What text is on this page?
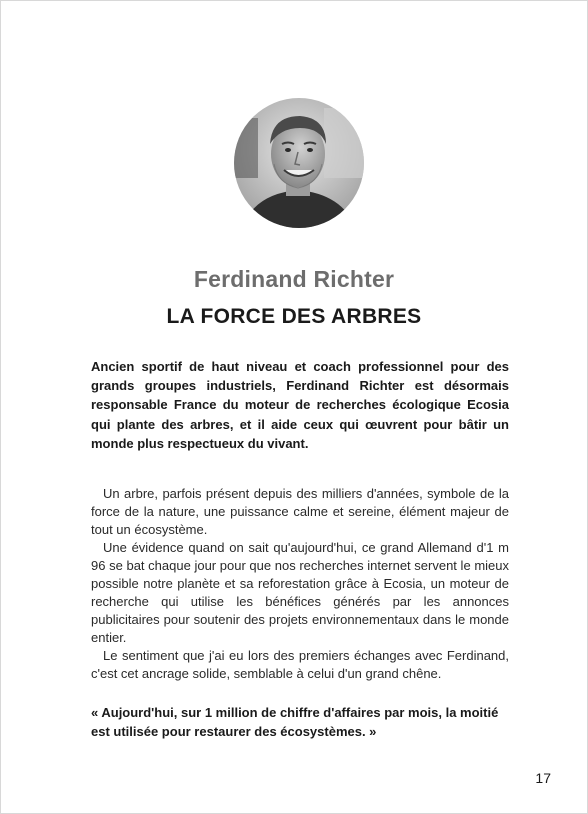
Ferdinand Richter
LA FORCE DES ARBRES
Ancien sportif de haut niveau et coach professionnel pour des grands groupes industriels, Ferdinand Richter est désormais responsable France du moteur de recherches écologique Ecosia qui plante des arbres, et il aide ceux qui œuvrent pour bâtir un monde plus respectueux du vivant.

Un arbre, parfois présent depuis des milliers d'années, symbole de la force de la nature, une puissance calme et sereine, élément majeur de tout un écosystème.

Une évidence quand on sait qu'aujourd'hui, ce grand Allemand d'1 m 96 se bat chaque jour pour que nos recherches internet servent le mieux possible notre planète et sa reforestation grâce à Ecosia, un moteur de recherche qui utilise les bénéfices générés par les annonces publicitaires pour soutenir des projets environnementaux dans le monde entier.

Le sentiment que j'ai eu lors des premiers échanges avec Ferdinand, c'est cet ancrage solide, semblable à celui d'un grand chêne.

« Aujourd'hui, sur 1 million de chiffre d'affaires par mois, la moitié est utilisée pour restaurer des écosystèmes. »
17
